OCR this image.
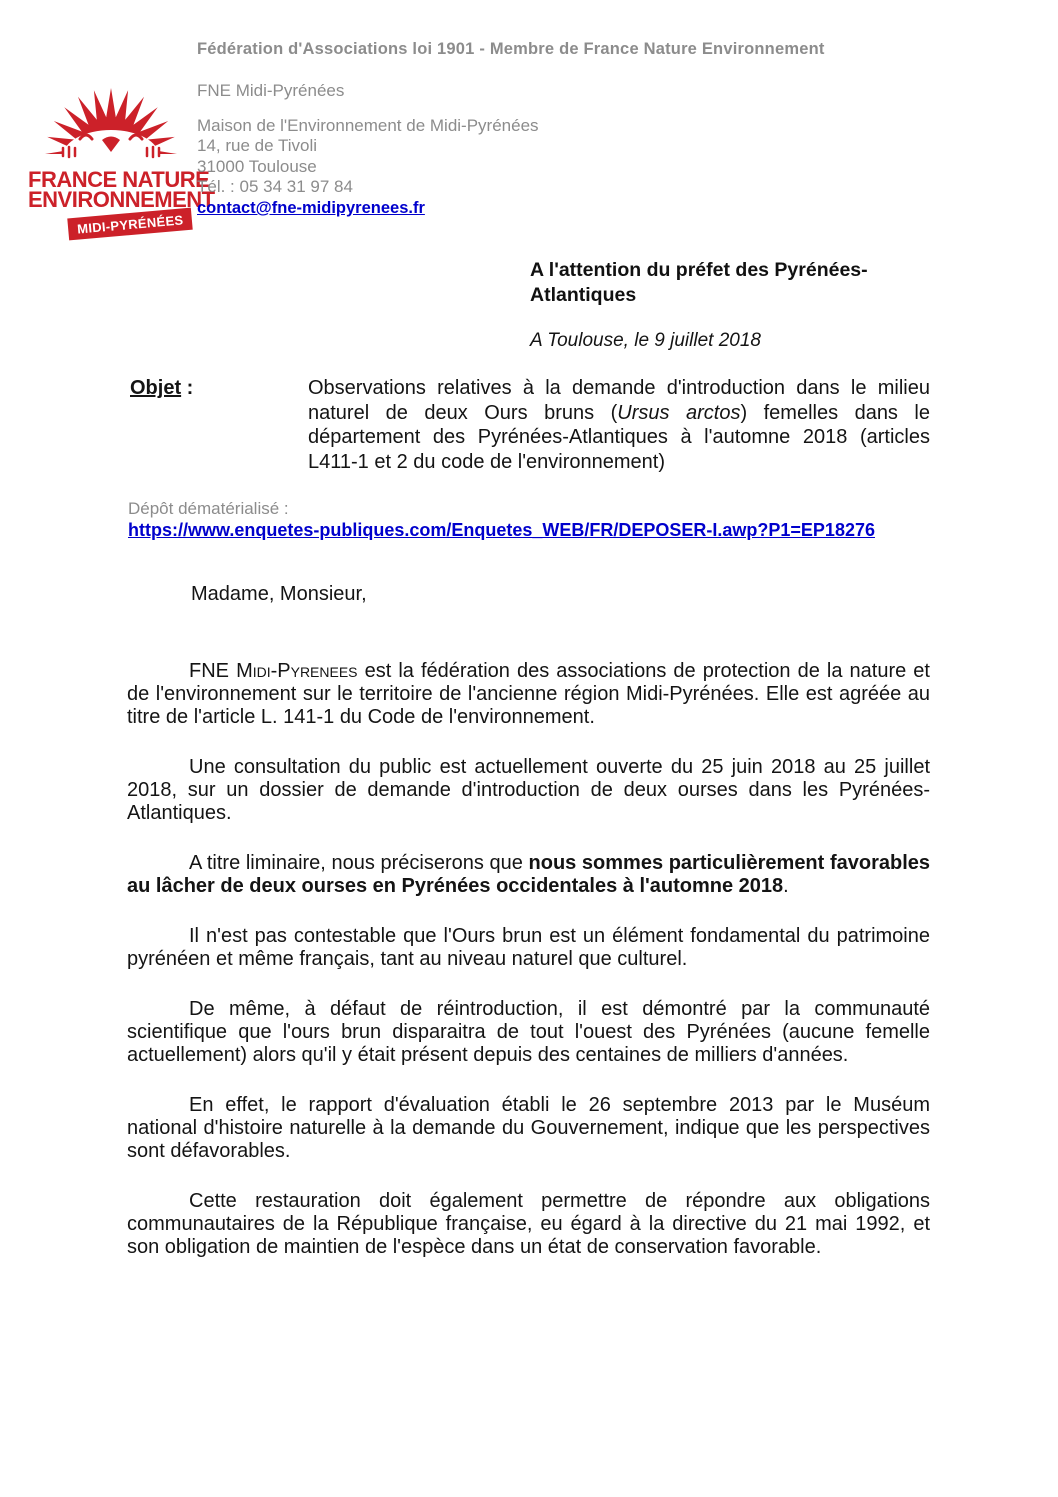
Fédération d'Associations loi 1901 - Membre de France Nature Environnement
FRANCE NATURE
ENVIRONNEMENT
MIDI-PYRÉNÉES
FNE Midi-Pyrénées
Maison de l'Environnement de Midi-Pyrénées
14, rue de Tivoli
31000 Toulouse
Tél. : 05 34 31 97 84
contact@fne-midipyrenees.fr
A l'attention du préfet des Pyrénées-
Atlantiques
A Toulouse, le 9 juillet 2018
Objet :	Observations relatives à la demande d'introduction dans le milieu naturel de deux Ours bruns (Ursus arctos) femelles dans le département des Pyrénées-Atlantiques à l'automne 2018 (articles L411-1 et 2 du code de l'environnement)
Dépôt dématérialisé :
https://www.enquetes-publiques.com/Enquetes_WEB/FR/DEPOSER-I.awp?P1=EP18276
Madame, Monsieur,

FNE Midi-Pyrenees est la fédération des associations de protection de la nature et de l'environnement sur le territoire de l'ancienne région Midi-Pyrénées. Elle est agréée au titre de l'article L. 141-1 du Code de l'environnement.

Une consultation du public est actuellement ouverte du 25 juin 2018 au 25 juillet 2018, sur un dossier de demande d'introduction de deux ourses dans les Pyrénées-Atlantiques.

A titre liminaire, nous préciserons que nous sommes particulièrement favorables au lâcher de deux ourses en Pyrénées occidentales à l'automne 2018.

Il n'est pas contestable que l'Ours brun est un élément fondamental du patrimoine pyrénéen et même français, tant au niveau naturel que culturel.

De même, à défaut de réintroduction, il est démontré par la communauté scientifique que l'ours brun disparaitra de tout l'ouest des Pyrénées (aucune femelle actuellement) alors qu'il y était présent depuis des centaines de milliers d'années.

En effet, le rapport d'évaluation établi le 26 septembre 2013 par le Muséum national d'histoire naturelle à la demande du Gouvernement, indique que les perspectives sont défavorables.

Cette restauration doit également permettre de répondre aux obligations communautaires de la République française, eu égard à la directive du 21 mai 1992, et son obligation de maintien de l'espèce dans un état de conservation favorable.
